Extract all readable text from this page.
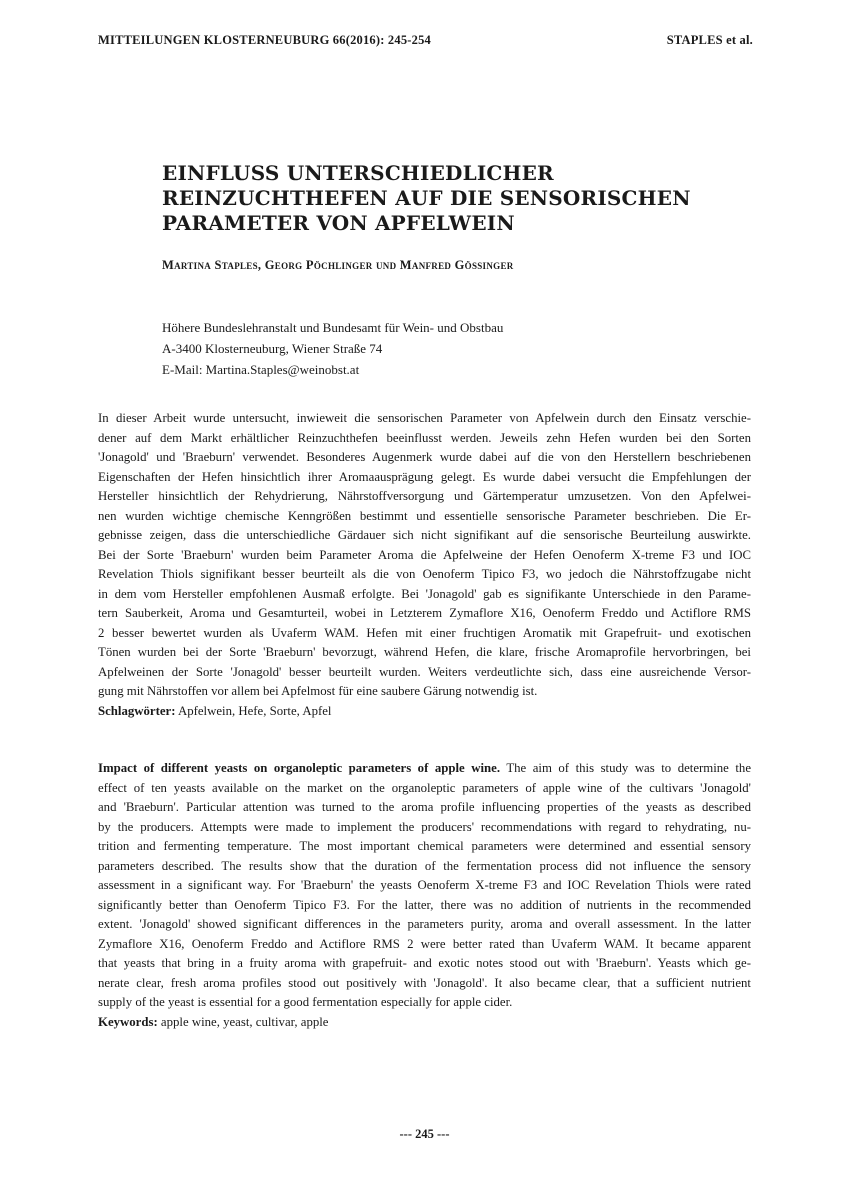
MITTEILUNGEN KLOSTERNEUBURG 66(2016): 245-254	STAPLES et al.
EINFLUSS UNTERSCHIEDLICHER
REINZUCHTHEFEN AUF DIE SENSORISCHEN
PARAMETER VON APFELWEIN
Martina Staples, Georg Pöchlinger und Manfred Gössinger
Höhere Bundeslehranstalt und Bundesamt für Wein- und Obstbau
A-3400 Klosterneuburg, Wiener Straße 74
E-Mail: Martina.Staples@weinobst.at
In dieser Arbeit wurde untersucht, inwieweit die sensorischen Parameter von Apfelwein durch den Einsatz verschie-
dener auf dem Markt erhältlicher Reinzuchthefen beeinflusst werden. Jeweils zehn Hefen wurden bei den Sorten
'Jonagold' und 'Braeburn' verwendet. Besonderes Augenmerk wurde dabei auf die von den Herstellern beschriebenen
Eigenschaften der Hefen hinsichtlich ihrer Aromaausprägung gelegt. Es wurde dabei versucht die Empfehlungen der
Hersteller hinsichtlich der Rehydrierung, Nährstoffversorgung und Gärtemperatur umzusetzen. Von den Apfelwei-
nen wurden wichtige chemische Kenngrößen bestimmt und essentielle sensorische Parameter beschrieben. Die Er-
gebnisse zeigen, dass die unterschiedliche Gärdauer sich nicht signifikant auf die sensorische Beurteilung auswirkte.
Bei der Sorte 'Braeburn' wurden beim Parameter Aroma die Apfelweine der Hefen Oenoferm X-treme F3 und IOC
Revelation Thiols signifikant besser beurteilt als die von Oenoferm Tipico F3, wo jedoch die Nährstoffzugabe nicht
in dem vom Hersteller empfohlenen Ausmaß erfolgte. Bei 'Jonagold' gab es signifikante Unterschiede in den Parame-
tern Sauberkeit, Aroma und Gesamturteil, wobei in Letzterem Zymaflore X16, Oenoferm Freddo und Actiflore RMS
2 besser bewertet wurden als Uvaferm WAM. Hefen mit einer fruchtigen Aromatik mit Grapefruit- und exotischen
Tönen wurden bei der Sorte 'Braeburn' bevorzugt, während Hefen, die klare, frische Aromaprofile hervorbringen, bei
Apfelweinen der Sorte 'Jonagold' besser beurteilt wurden. Weiters verdeutlichte sich, dass eine ausreichende Versor-
gung mit Nährstoffen vor allem bei Apfelmost für eine saubere Gärung notwendig ist.
Schlagwörter: Apfelwein, Hefe, Sorte, Apfel
Impact of different yeasts on organoleptic parameters of apple wine. The aim of this study was to determine the
effect of ten yeasts available on the market on the organoleptic parameters of apple wine of the cultivars 'Jonagold'
and 'Braeburn'. Particular attention was turned to the aroma profile influencing properties of the yeasts as described
by the producers. Attempts were made to implement the producers' recommendations with regard to rehydrating, nu-
trition and fermenting temperature. The most important chemical parameters were determined and essential sensory
parameters described. The results show that the duration of the fermentation process did not influence the sensory
assessment in a significant way. For 'Braeburn' the yeasts Oenoferm X-treme F3 and IOC Revelation Thiols were rated
significantly better than Oenoferm Tipico F3. For the latter, there was no addition of nutrients in the recommended
extent. 'Jonagold' showed significant differences in the parameters purity, aroma and overall assessment. In the latter
Zymaflore X16, Oenoferm Freddo and Actiflore RMS 2 were better rated than Uvaferm WAM. It became apparent
that yeasts that bring in a fruity aroma with grapefruit- and exotic notes stood out with 'Braeburn'. Yeasts which ge-
nerate clear, fresh aroma profiles stood out positively with 'Jonagold'. It also became clear, that a sufficient nutrient
supply of the yeast is essential for a good fermentation especially for apple cider.
Keywords: apple wine, yeast, cultivar, apple
--- 245 ---
